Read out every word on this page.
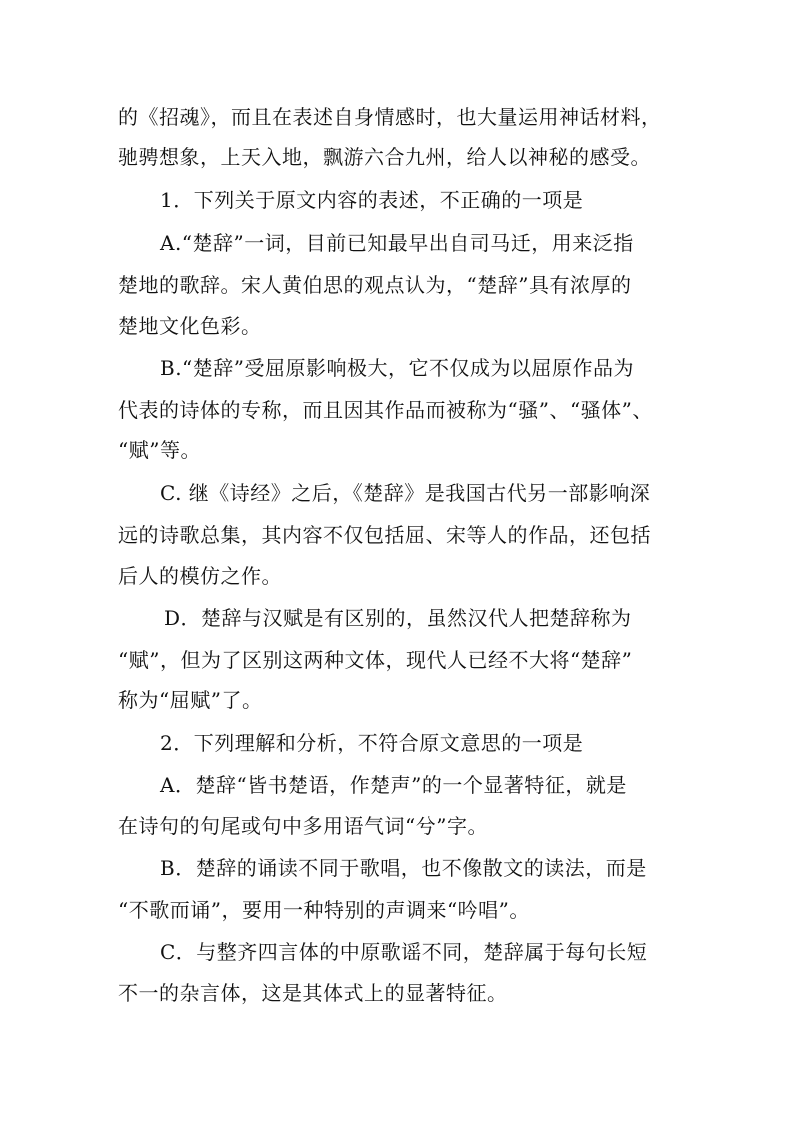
的《招魂》，而且在表述自身情感时，也大量运用神话材料，
驰骋想象，上天入地，飘游六合九州，给人以神秘的感受。
1．下列关于原文内容的表述，不正确的一项是
A.“楚辞”一词，目前已知最早出自司马迁，用来泛指
楚地的歌辞。宋人黄伯思的观点认为，“楚辞”具有浓厚的
楚地文化色彩。
B.“楚辞”受屈原影响极大，它不仅成为以屈原作品为
代表的诗体的专称，而且因其作品而被称为“骚”、“骚体”、
“赋”等。
C. 继《诗经》之后，《楚辞》是我国古代另一部影响深
远的诗歌总集，其内容不仅包括屈、宋等人的作品，还包括
后人的模仿之作。
D．楚辞与汉赋是有区别的，虽然汉代人把楚辞称为
“赋”，但为了区别这两种文体，现代人已经不大将“楚辞”
称为“屈赋”了。
2．下列理解和分析，不符合原文意思的一项是
A．楚辞“皆书楚语，作楚声”的一个显著特征，就是
在诗句的句尾或句中多用语气词“兮”字。
B．楚辞的诵读不同于歌唱，也不像散文的读法，而是
“不歌而诵”，要用一种特别的声调来“吟唱”。
C．与整齐四言体的中原歌谣不同，楚辞属于每句长短
不一的杂言体，这是其体式上的显著特征。
